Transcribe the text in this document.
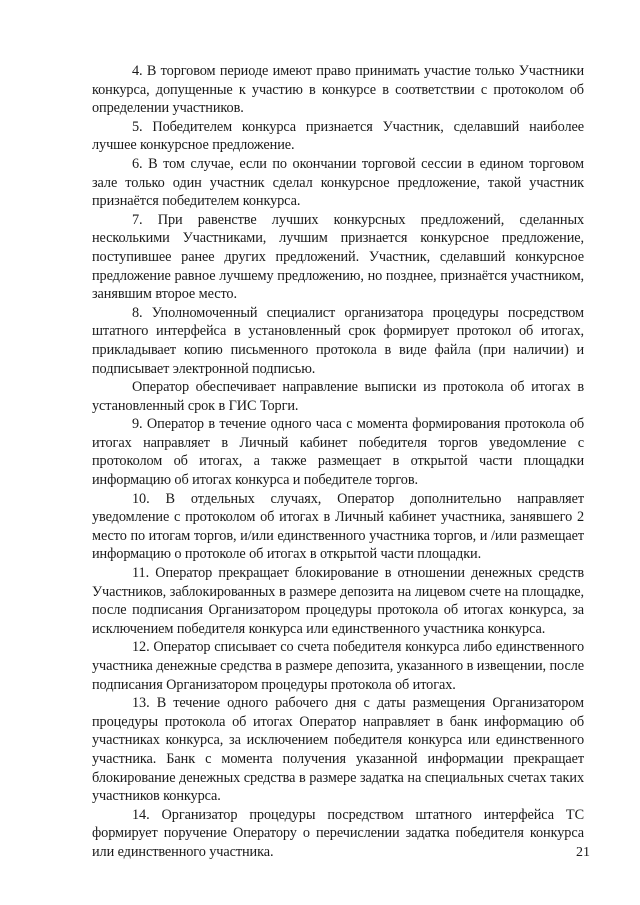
4. В торговом периоде имеют право принимать участие только Участники конкурса, допущенные к участию в конкурсе в соответствии с протоколом об определении участников.

5. Победителем конкурса признается Участник, сделавший наиболее лучшее конкурсное предложение.

6. В том случае, если по окончании торговой сессии в едином торговом зале только один участник сделал конкурсное предложение, такой участник признаётся победителем конкурса.

7. При равенстве лучших конкурсных предложений, сделанных несколькими Участниками, лучшим признается конкурсное предложение, поступившее ранее других предложений. Участник, сделавший конкурсное предложение равное лучшему предложению, но позднее, признаётся участником, занявшим второе место.

8. Уполномоченный специалист организатора процедуры посредством штатного интерфейса в установленный срок формирует протокол об итогах, прикладывает копию письменного протокола в виде файла (при наличии) и подписывает электронной подписью.

Оператор обеспечивает направление выписки из протокола об итогах в установленный срок в ГИС Торги.

9. Оператор в течение одного часа с момента формирования протокола об итогах направляет в Личный кабинет победителя торгов уведомление с протоколом об итогах, а также размещает в открытой части площадки информацию об итогах конкурса и победителе торгов.

10. В отдельных случаях, Оператор дополнительно направляет уведомление с протоколом об итогах в Личный кабинет участника, занявшего 2 место по итогам торгов, и/или единственного участника торгов, и /или размещает информацию о протоколе об итогах в открытой части площадки.

11. Оператор прекращает блокирование в отношении денежных средств Участников, заблокированных в размере депозита на лицевом счете на площадке, после подписания Организатором процедуры протокола об итогах конкурса, за исключением победителя конкурса или единственного участника конкурса.

12. Оператор списывает со счета победителя конкурса либо единственного участника денежные средства в размере депозита, указанного в извещении, после подписания Организатором процедуры протокола об итогах.

13. В течение одного рабочего дня с даты размещения Организатором процедуры протокола об итогах Оператор направляет в банк информацию об участниках конкурса, за исключением победителя конкурса или единственного участника. Банк с момента получения указанной информации прекращает блокирование денежных средства в размере задатка на специальных счетах таких участников конкурса.

14. Организатор процедуры посредством штатного интерфейса ТС формирует поручение Оператору о перечислении задатка победителя конкурса или единственного участника.	21
